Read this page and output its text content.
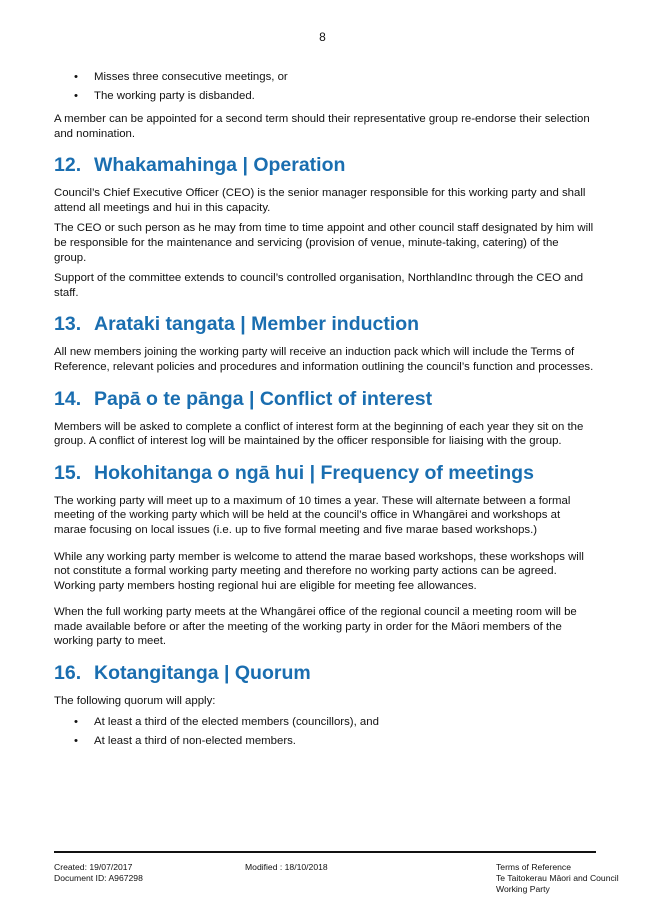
8
• Misses three consecutive meetings, or
• The working party is disbanded.

A member can be appointed for a second term should their representative group re-endorse their selection and nomination.

12. Whakamahinga | Operation

Council’s Chief Executive Officer (CEO) is the senior manager responsible for this working party and shall attend all meetings and hui in this capacity.

The CEO or such person as he may from time to time appoint and other council staff designated by him will be responsible for the maintenance and servicing (provision of venue, minute-taking, catering) of the group.

Support of the committee extends to council’s controlled organisation, NorthlandInc through the CEO and staff.

13. Arataki tangata | Member induction

All new members joining the working party will receive an induction pack which will include the Terms of Reference, relevant policies and procedures and information outlining the council’s function and processes.

14. Papā o te pānga | Conflict of interest

Members will be asked to complete a conflict of interest form at the beginning of each year they sit on the group. A conflict of interest log will be maintained by the officer responsible for liaising with the group.

15. Hokohitanga o ngā hui | Frequency of meetings

The working party will meet up to a maximum of 10 times a year. These will alternate between a formal meeting of the working party which will be held at the council’s office in Whangārei and workshops at marae focusing on local issues (i.e. up to five formal meeting and five marae based workshops.)

While any working party member is welcome to attend the marae based workshops, these workshops will not constitute a formal working party meeting and therefore no working party actions can be agreed. Working party members hosting regional hui are eligible for meeting fee allowances.

When the full working party meets at the Whangārei office of the regional council a meeting room will be made available before or after the meeting of the working party in order for the Māori members of the working party to meet.

16. Kotangitanga | Quorum

The following quorum will apply:

• At least a third of the elected members (councillors), and
• At least a third of non-elected members.
Created: 19/07/2017
Document ID: A967298
Modified : 18/10/2018	Terms of Reference
Te Taitokerau Māori and Council
Working Party
